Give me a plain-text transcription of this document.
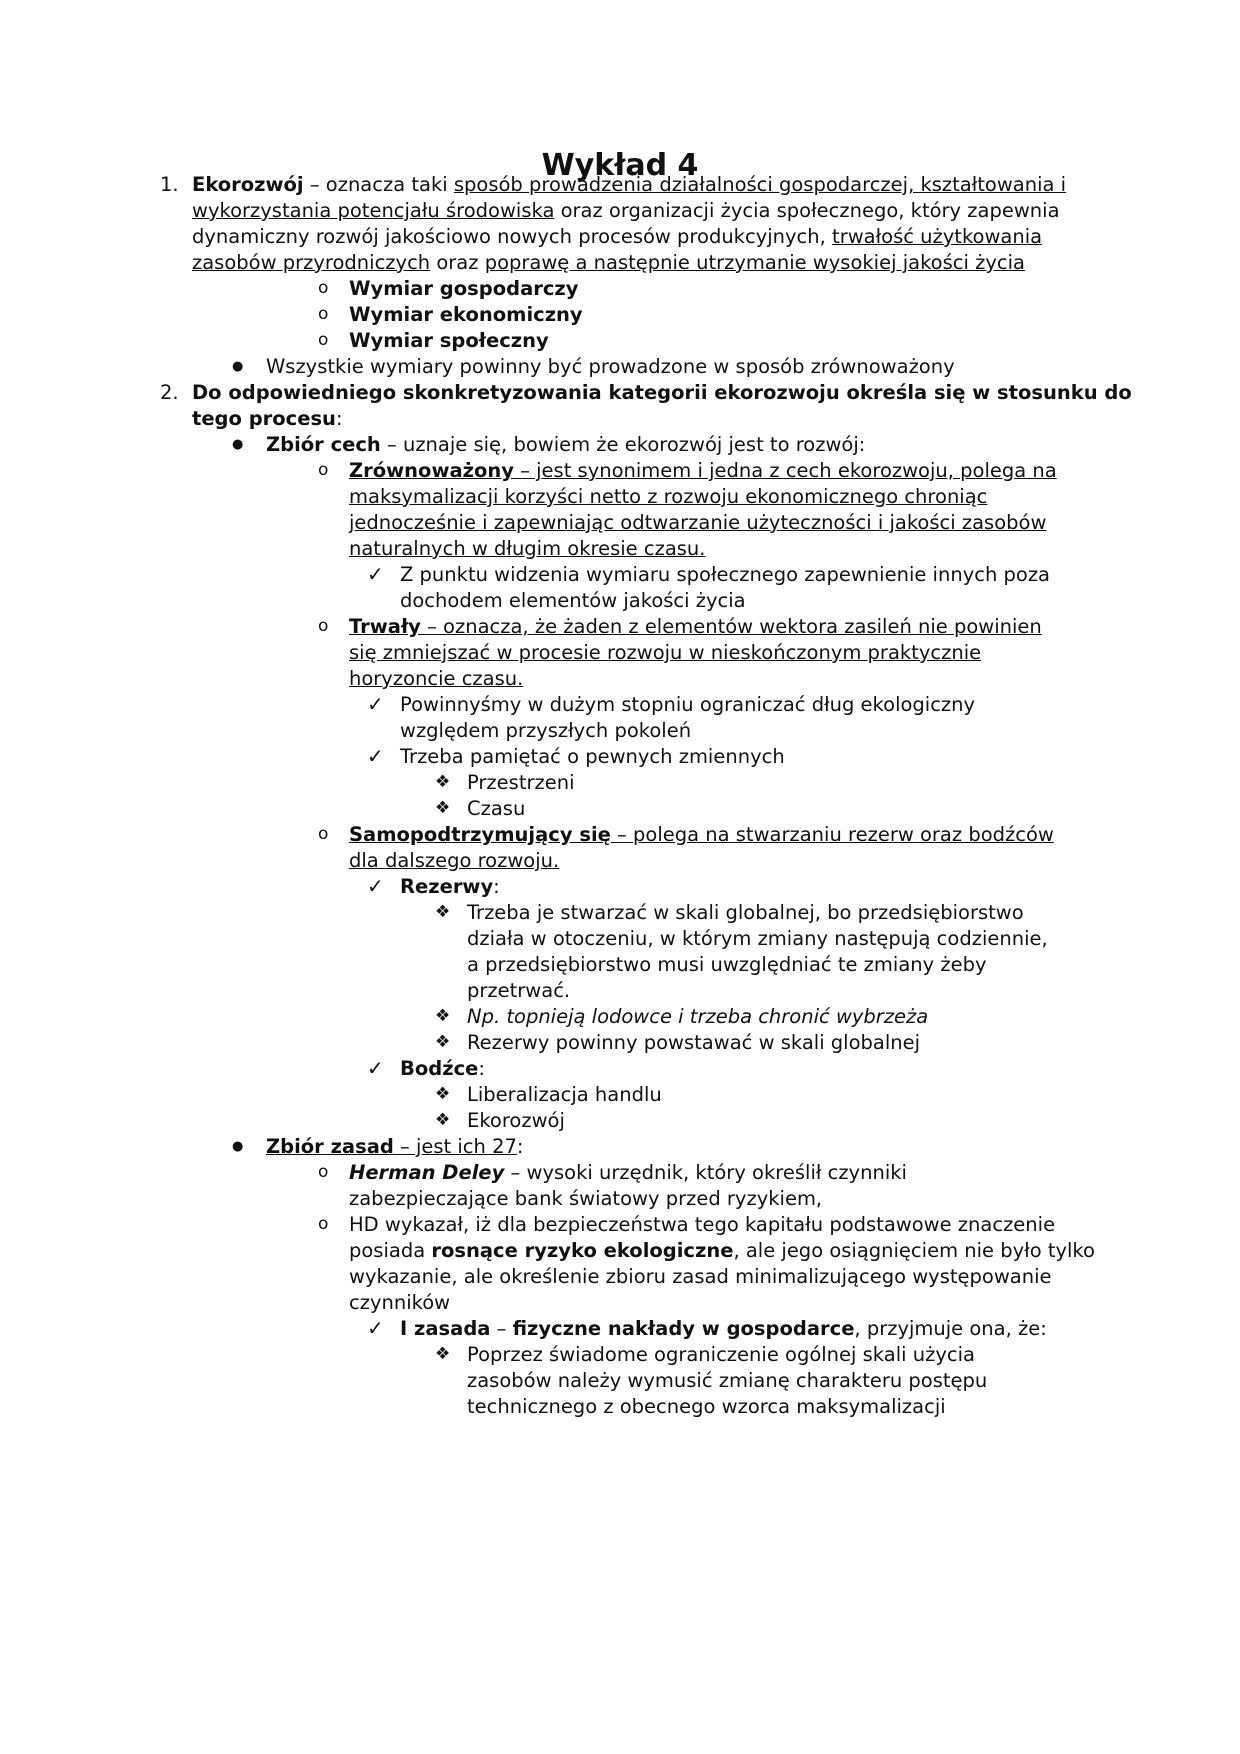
Wykład 4
1. Ekorozwój – oznacza taki sposób prowadzenia działalności gospodarczej, kształtowania i
wykorzystania potencjału środowiska oraz organizacji życia społecznego, który zapewnia
dynamiczny rozwój jakościowo nowych procesów produkcyjnych, trwałość użytkowania
zasobów przyrodniczych oraz poprawę a następnie utrzymanie wysokiej jakości życia
o Wymiar gospodarczy
o Wymiar ekonomiczny
o Wymiar społeczny
● Wszystkie wymiary powinny być prowadzone w sposób zrównoważony
2. Do odpowiedniego skonkretyzowania kategorii ekorozwoju określa się w stosunku do
tego procesu:
● Zbiór cech – uznaje się, bowiem że ekorozwój jest to rozwój:
o Zrównoważony – jest synonimem i jedna z cech ekorozwoju, polega na
maksymalizacji korzyści netto z rozwoju ekonomicznego chroniąc
jednocześnie i zapewniając odtwarzanie użyteczności i jakości zasobów
naturalnych w długim okresie czasu.
✓ Z punktu widzenia wymiaru społecznego zapewnienie innych poza
dochodem elementów jakości życia
o Trwały – oznacza, że żaden z elementów wektora zasileń nie powinien
się zmniejszać w procesie rozwoju w nieskończonym praktycznie
horyzoncie czasu.
✓ Powinnyśmy w dużym stopniu ograniczać dług ekologiczny
względem przyszłych pokoleń
✓ Trzeba pamiętać o pewnych zmiennych
❖ Przestrzeni
❖ Czasu
o Samopodtrzymujący się – polega na stwarzaniu rezerw oraz bodźców
dla dalszego rozwoju.
✓ Rezerwy:
❖ Trzeba je stwarzać w skali globalnej, bo przedsiębiorstwo
działa w otoczeniu, w którym zmiany następują codziennie,
a przedsiębiorstwo musi uwzględniać te zmiany żeby
przetrwać.
❖ Np. topnieją lodowce i trzeba chronić wybrzeża
❖ Rezerwy powinny powstawać w skali globalnej
✓ Bodźce:
❖ Liberalizacja handlu
❖ Ekorozwój
● Zbiór zasad – jest ich 27:
o Herman Deley – wysoki urzędnik, który określił czynniki
zabezpieczające bank światowy przed ryzykiem,
o HD wykazał, iż dla bezpieczeństwa tego kapitału podstawowe znaczenie
posiada rosnące ryzyko ekologiczne, ale jego osiągnięciem nie było tylko
wykazanie, ale określenie zbioru zasad minimalizującego występowanie
czynników
✓ I zasada – fizyczne nakłady w gospodarce, przyjmuje ona, że:
❖ Poprzez świadome ograniczenie ogólnej skali użycia
zasobów należy wymusić zmianę charakteru postępu
technicznego z obecnego wzorca maksymalizacji
